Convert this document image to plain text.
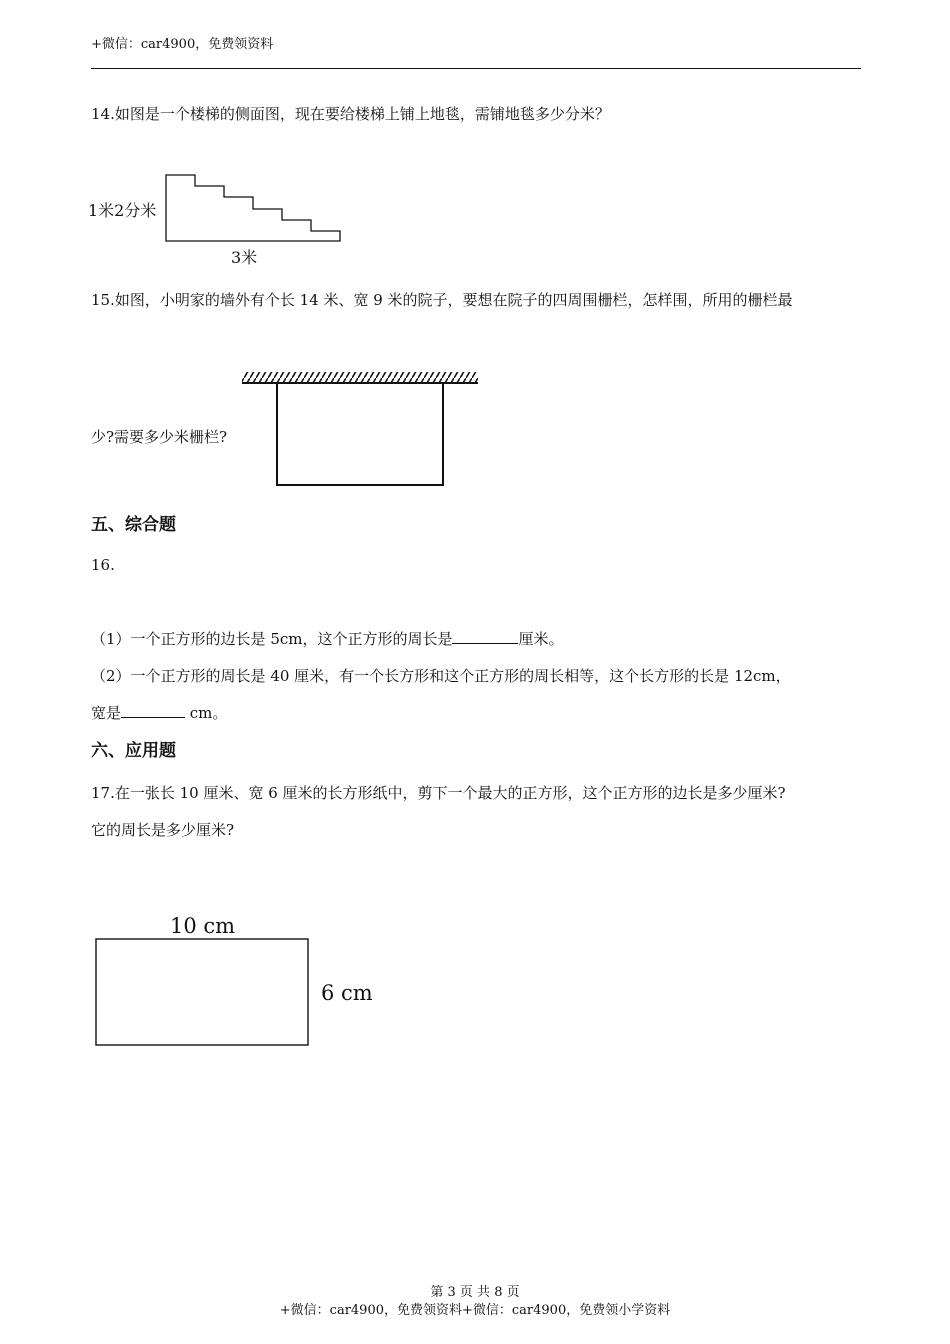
+微信：car4900，免费领资料
14.如图是一个楼梯的侧面图，现在要给楼梯上铺上地毯，需铺地毯多少分米？
1米2分米
3米
15.如图，小明家的墙外有个长 14 米、宽 9 米的院子，要想在院子的四周围栅栏，怎样围，所用的栅栏最
少?需要多少米栅栏?
五、综合题
16.
（1）一个正方形的边长是 5cm，这个正方形的周长是	厘米。
（2）一个正方形的周长是 40 厘米，有一个长方形和这个正方形的周长相等，这个长方形的长是 12cm，
宽是	cm。
六、应用题
17.在一张长 10 厘米、宽 6 厘米的长方形纸中，剪下一个最大的正方形，这个正方形的边长是多少厘米?
它的周长是多少厘米?
10 cm
6 cm
第 3 页 共 8 页
+微信：car4900，免费领资料+微信：car4900，免费领小学资料
